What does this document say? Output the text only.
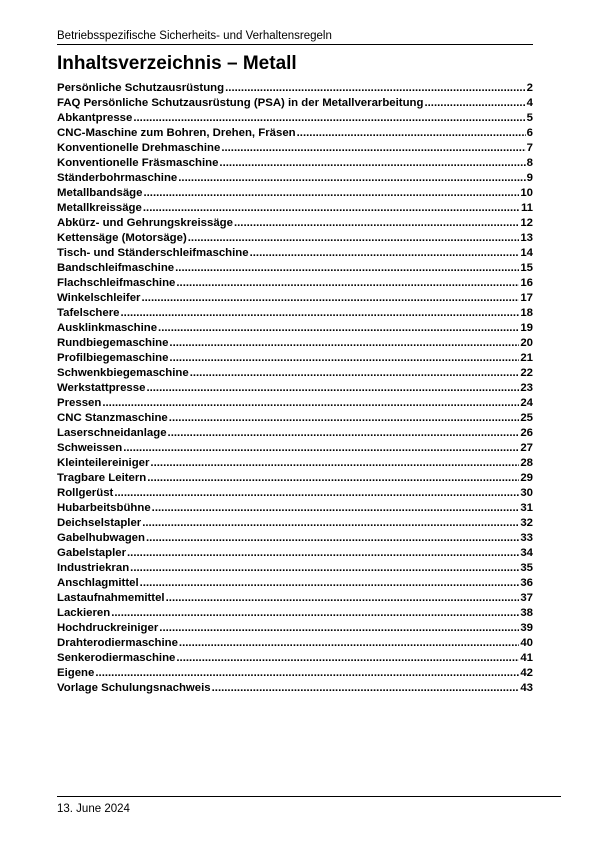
Betriebsspezifische Sicherheits- und Verhaltensregeln
Inhaltsverzeichnis – Metall
Persönliche Schutzausrüstung .....	2
FAQ Persönliche Schutzausrüstung (PSA) in der Metallverarbeitung .....	4
Abkantpresse .....	5
CNC-Maschine zum Bohren, Drehen, Fräsen .....	6
Konventionelle Drehmaschine .....	7
Konventionelle Fräsmaschine .....	8
Ständerbohrmaschine .....	9
Metallbandsäge .....	10
Metallkreissäge .....	11
Abkürz- und Gehrungskreissäge .....	12
Kettensäge (Motorsäge) .....	13
Tisch- und Ständerschleifmaschine .....	14
Bandschleifmaschine .....	15
Flachschleifmaschine .....	16
Winkelschleifer .....	17
Tafelschere .....	18
Ausklinkmaschine .....	19
Rundbiegemaschine .....	20
Profilbiegemaschine .....	21
Schwenkbiegemaschine .....	22
Werkstattpresse .....	23
Pressen .....	24
CNC Stanzmaschine .....	25
Laserschneidanlage .....	26
Schweissen .....	27
Kleinteilereiniger .....	28
Tragbare Leitern .....	29
Rollgerüst .....	30
Hubarbeitsbühne .....	31
Deichselstapler .....	32
Gabelhubwagen .....	33
Gabelstapler .....	34
Industriekran .....	35
Anschlagmittel .....	36
Lastaufnahmemittel .....	37
Lackieren .....	38
Hochdruckreiniger .....	39
Drahterodiermaschine .....	40
Senkerodiermaschine .....	41
Eigene .....	42
Vorlage Schulungsnachweis .....	43
13. June 2024
